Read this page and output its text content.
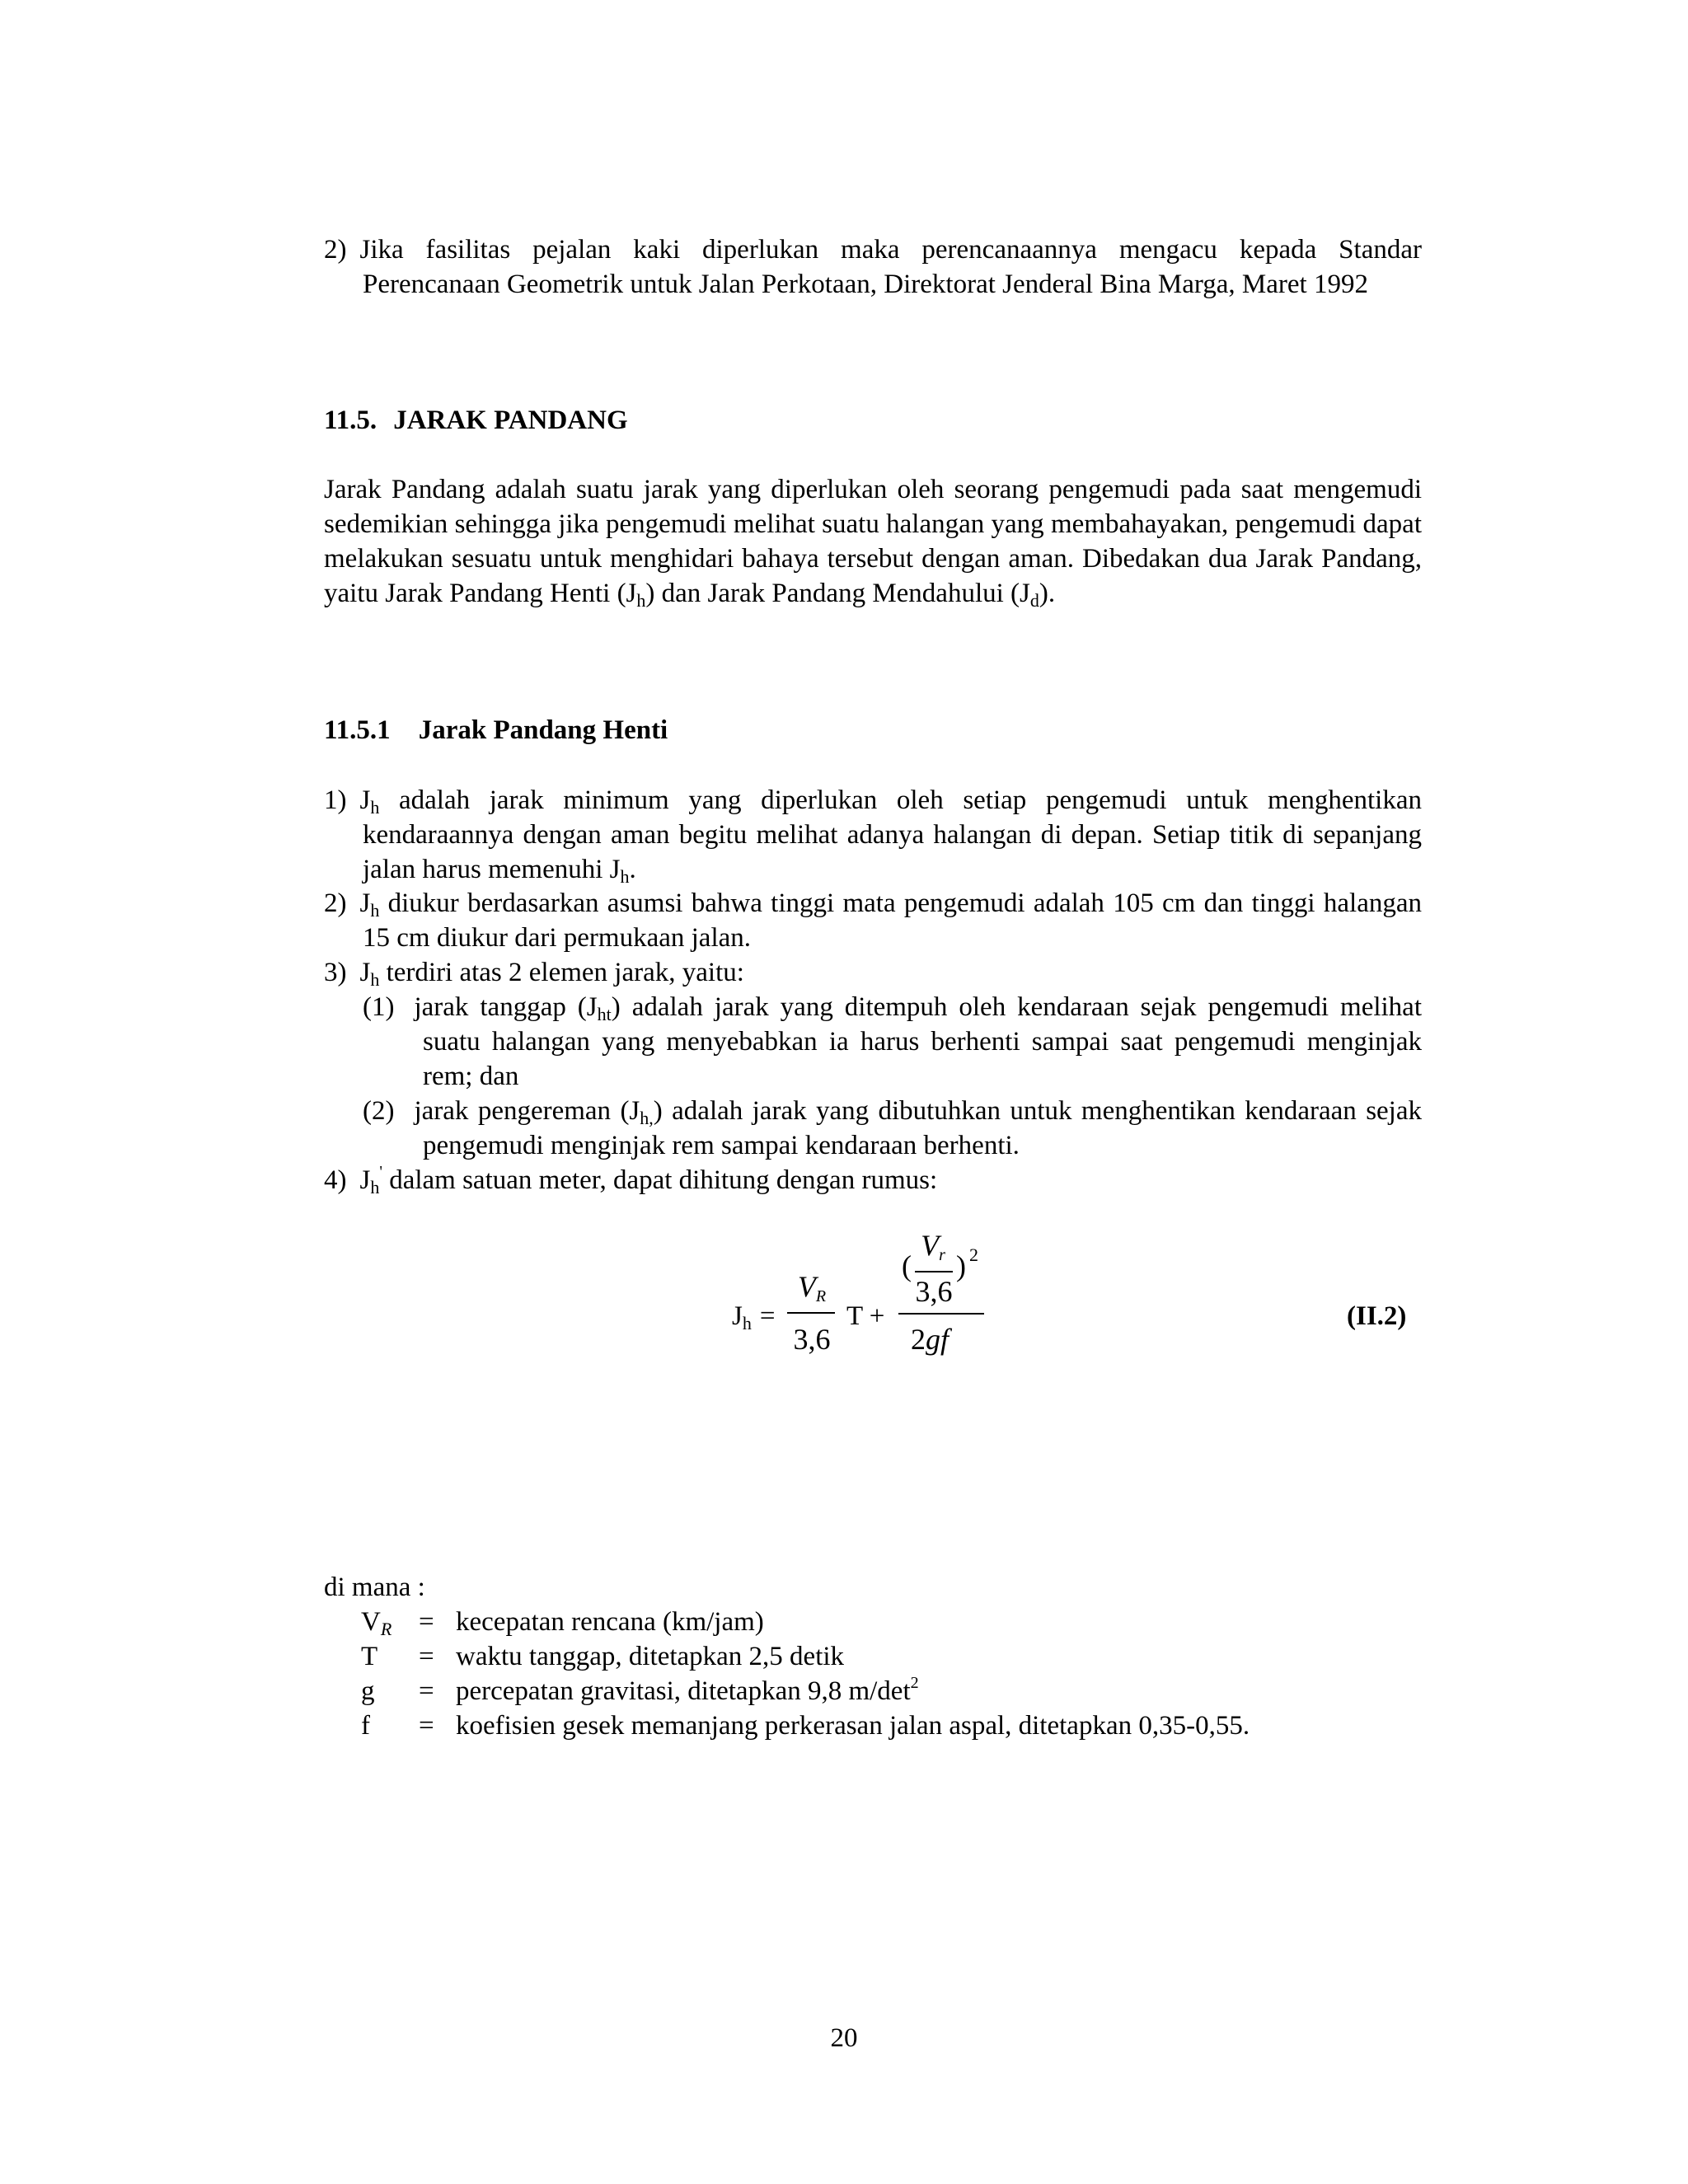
2) Jika fasilitas pejalan kaki diperlukan maka perencanaannya mengacu kepada Standar Perencanaan Geometrik untuk Jalan Perkotaan, Direktorat Jenderal Bina Marga, Maret 1992
11.5. JARAK PANDANG
Jarak Pandang adalah suatu jarak yang diperlukan oleh seorang pengemudi pada saat mengemudi sedemikian sehingga jika pengemudi melihat suatu halangan yang membahayakan, pengemudi dapat melakukan sesuatu untuk menghidari bahaya tersebut dengan aman. Dibedakan dua Jarak Pandang, yaitu Jarak Pandang Henti $(J_h)$ dan Jarak Pandang Mendahului $(J_d)$.
11.5.1 Jarak Pandang Henti
1) $J_h$ adalah jarak minimum yang diperlukan oleh setiap pengemudi untuk menghentikan kendaraannya dengan aman begitu melihat adanya halangan di depan. Setiap titik di sepanjang jalan harus memenuhi $J_h$.
2) $J_h$ diukur berdasarkan asumsi bahwa tinggi mata pengemudi adalah 105 cm dan tinggi halangan 15 cm diukur dari permukaan jalan.
3) $J_h$ terdiri atas 2 elemen jarak, yaitu:
(1) jarak tanggap $(J_{ht})$ adalah jarak yang ditempuh oleh kendaraan sejak pengemudi melihat suatu halangan yang menyebabkan ia harus berhenti sampai saat pengemudi menginjak rem; dan
(2) jarak pengereman $(J_{h,})$ adalah jarak yang dibutuhkan untuk menghentikan kendaraan sejak pengemudi menginjak rem sampai kendaraan berhenti.
4) $J_h'$ dalam satuan meter, dapat dihitung dengan rumus:
$J_h$ =
$V_R$
3,6
T +
(
$V_r$
3,6
) 2
2gf
(II.2)
di mana :
$V_R$ = kecepatan rencana (km/jam)
T = waktu tanggap, ditetapkan 2,5 detik
g = percepatan gravitasi, ditetapkan 9,8 $m/\det^2$
f = koefisien gesek memanjang perkerasan jalan aspal, ditetapkan 0,35-0,55.
20
